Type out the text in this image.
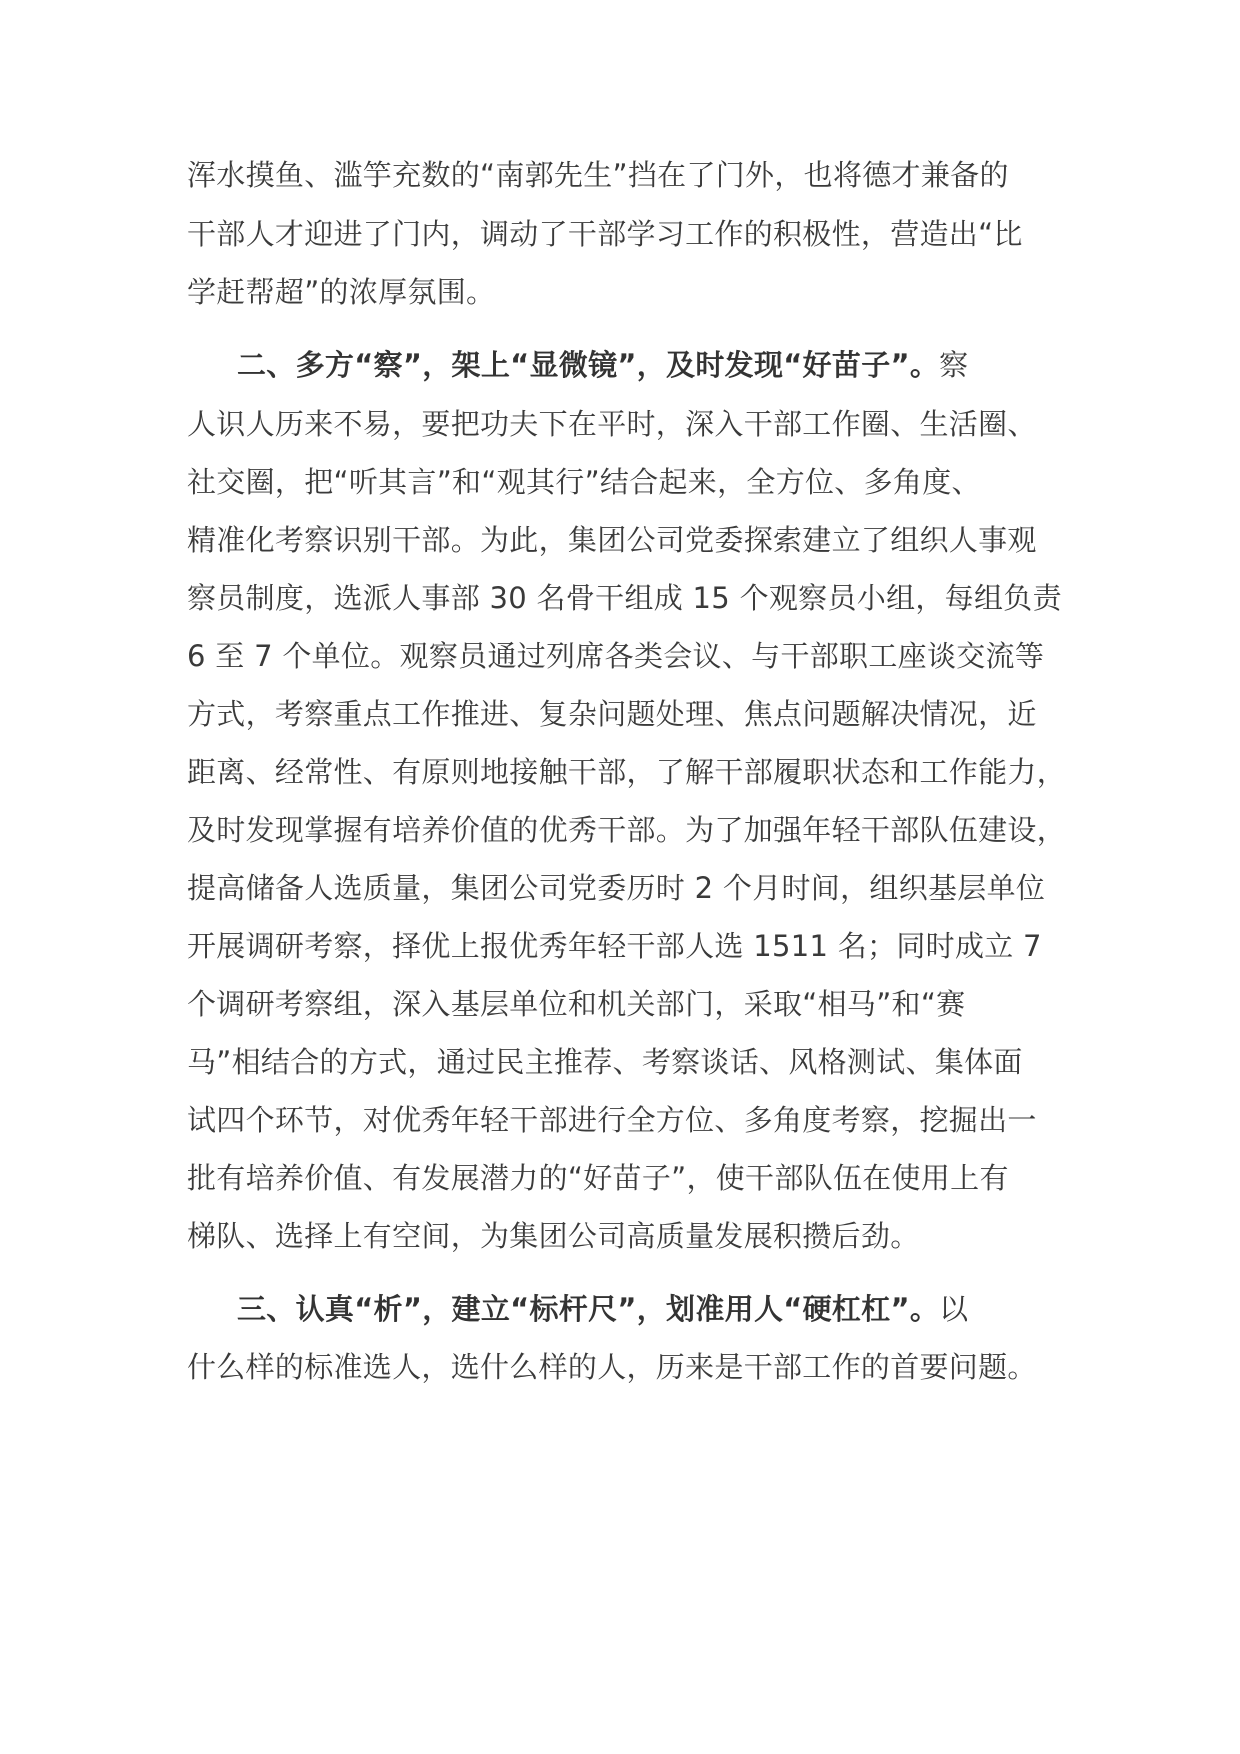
浑水摸鱼、滥竽充数的“南郭先生”挡在了门外，也将德才兼备的
干部人才迎进了门内，调动了干部学习工作的积极性，营造出“比
学赶帮超”的浓厚氛围。
二、多方“察”，架上“显微镜”，及时发现“好苗子”。察
人识人历来不易，要把功夫下在平时，深入干部工作圈、生活圈、
社交圈，把“听其言”和“观其行”结合起来，全方位、多角度、
精准化考察识别干部。为此，集团公司党委探索建立了组织人事观
察员制度，选派人事部 30 名骨干组成 15 个观察员小组，每组负责
6 至 7 个单位。观察员通过列席各类会议、与干部职工座谈交流等
方式，考察重点工作推进、复杂问题处理、焦点问题解决情况，近
距离、经常性、有原则地接触干部，了解干部履职状态和工作能力，
及时发现掌握有培养价值的优秀干部。为了加强年轻干部队伍建设，
提高储备人选质量，集团公司党委历时 2 个月时间，组织基层单位
开展调研考察，择优上报优秀年轻干部人选 1511 名；同时成立 7
个调研考察组，深入基层单位和机关部门，采取“相马”和“赛
马”相结合的方式，通过民主推荐、考察谈话、风格测试、集体面
试四个环节，对优秀年轻干部进行全方位、多角度考察，挖掘出一
批有培养价值、有发展潜力的“好苗子”，使干部队伍在使用上有
梯队、选择上有空间，为集团公司高质量发展积攒后劲。
三、认真“析”，建立“标杆尺”，划准用人“硬杠杠”。以
什么样的标准选人，选什么样的人，历来是干部工作的首要问题。
